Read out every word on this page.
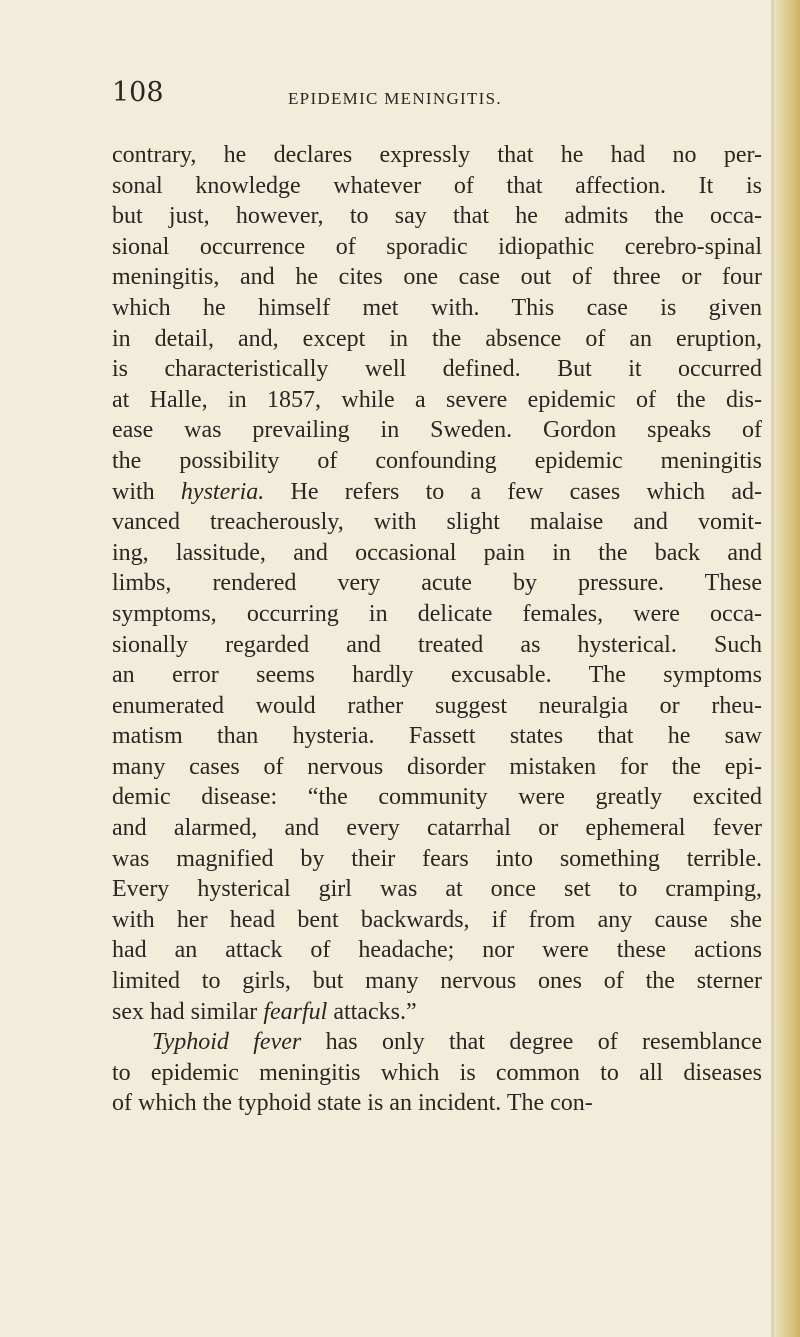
108	EPIDEMIC MENINGITIS.
contrary, he declares expressly that he had no per-
sonal knowledge whatever of that affection. It is
but just, however, to say that he admits the occa-
sional occurrence of sporadic idiopathic cerebro-spinal
meningitis, and he cites one case out of three or four
which he himself met with. This case is given
in detail, and, except in the absence of an eruption,
is characteristically well defined. But it occurred
at Halle, in 1857, while a severe epidemic of the dis-
ease was prevailing in Sweden. Gordon speaks of
the possibility of confounding epidemic meningitis
with hysteria. He refers to a few cases which ad-
vanced treacherously, with slight malaise and vomit-
ing, lassitude, and occasional pain in the back and
limbs, rendered very acute by pressure. These
symptoms, occurring in delicate females, were occa-
sionally regarded and treated as hysterical. Such
an error seems hardly excusable. The symptoms
enumerated would rather suggest neuralgia or rheu-
matism than hysteria. Fassett states that he saw
many cases of nervous disorder mistaken for the epi-
demic disease: “the community were greatly excited
and alarmed, and every catarrhal or ephemeral fever
was magnified by their fears into something terrible.
Every hysterical girl was at once set to cramping,
with her head bent backwards, if from any cause she
had an attack of headache; nor were these actions
limited to girls, but many nervous ones of the sterner
sex had similar fearful attacks.”
Typhoid fever has only that degree of resemblance
to epidemic meningitis which is common to all diseases
of which the typhoid state is an incident. The con-
